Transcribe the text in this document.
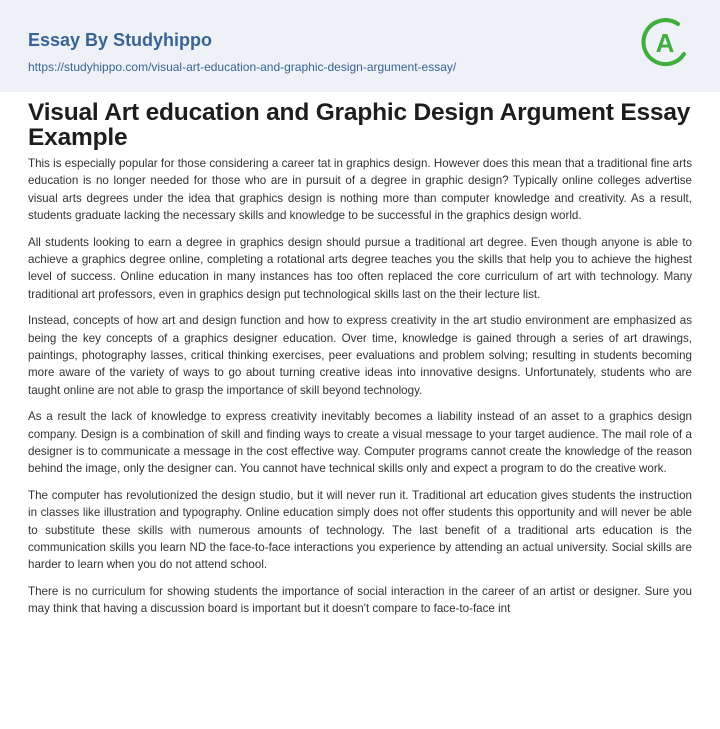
Essay By Studyhippo
https://studyhippo.com/visual-art-education-and-graphic-design-argument-essay/
A
Visual Art education and Graphic Design Argument Essay Example

This is especially popular for those considering a career tat in graphics design. However does this mean that a traditional fine arts education is no longer needed for those who are in pursuit of a degree in graphic design? Typically online colleges advertise visual arts degrees under the idea that graphics design is nothing more than computer knowledge and creativity. As a result, students graduate lacking the necessary skills and knowledge to be successful in the graphics design world.

All students looking to earn a degree in graphics design should pursue a traditional art degree. Even though anyone is able to achieve a graphics degree online, completing a rotational arts degree teaches you the skills that help you to achieve the highest level of success. Online education in many instances has too often replaced the core curriculum of art with technology. Many traditional art professors, even in graphics design put technological skills last on the their lecture list.

Instead, concepts of how art and design function and how to express creativity in the art studio environment are emphasized as being the key concepts of a graphics designer education. Over time, knowledge is gained through a series of art drawings, paintings, photography lasses, critical thinking exercises, peer evaluations and problem solving; resulting in students becoming more aware of the variety of ways to go about turning creative ideas into innovative designs. Unfortunately, students who are taught online are not able to grasp the importance of skill beyond technology.

As a result the lack of knowledge to express creativity inevitably becomes a liability instead of an asset to a graphics design company. Design is a combination of skill and finding ways to create a visual message to your target audience. The mail role of a designer is to communicate a message in the cost effective way. Computer programs cannot create the knowledge of the reason behind the image, only the designer can. You cannot have technical skills only and expect a program to do the creative work.

The computer has revolutionized the design studio, but it will never run it. Traditional art education gives students the instruction in classes like illustration and typography. Online education simply does not offer students this opportunity and will never be able to substitute these skills with numerous amounts of technology. The last benefit of a traditional arts education is the communication skills you learn ND the face-to-face interactions you experience by attending an actual university. Social skills are harder to learn when you do not attend school.

There is no curriculum for showing students the importance of social interaction in the career of an artist or designer. Sure you may think that having a discussion board is important but it doesn't compare to face-to-face int
